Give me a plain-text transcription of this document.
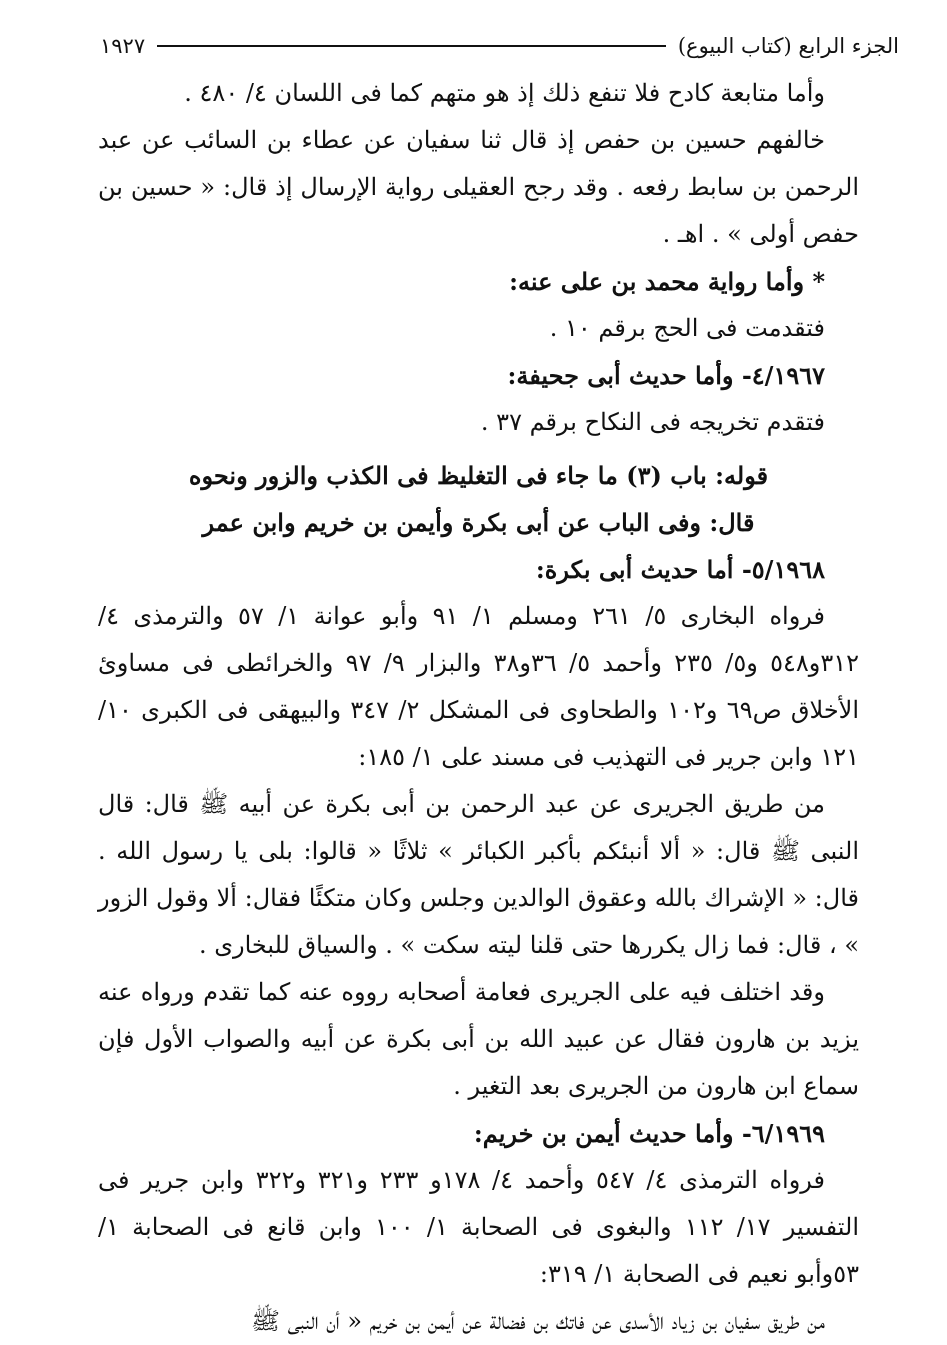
الجزء الرابع (كتاب البيوع)
١٩٢٧

وأما متابعة كادح فلا تنفع ذلك إذ هو متهم كما فى اللسان ٤/ ٤٨٠ .

خالفهم حسين بن حفص إذ قال ثنا سفيان عن عطاء بن السائب عن عبد الرحمن بن سابط رفعه . وقد رجح العقيلى رواية الإرسال إذ قال: « حسين بن حفص أولى » . اهـ .

* وأما رواية محمد بن على عنه:

فتقدمت فى الحج برقم ١٠ .

٤/١٩٦٧- وأما حديث أبى جحيفة:

فتقدم تخريجه فى النكاح برقم ٣٧ .

قوله: باب (٣) ما جاء فى التغليظ فى الكذب والزور ونحوه

قال: وفى الباب عن أبى بكرة وأيمن بن خريم وابن عمر

٥/١٩٦٨- أما حديث أبى بكرة:

فرواه البخارى ٥/ ٢٦١ ومسلم ١/ ٩١ وأبو عوانة ١/ ٥٧ والترمذى ٤/ ٣١٢و٥٤٨ و٥/ ٢٣٥ وأحمد ٥/ ٣٦و٣٨ والبزار ٩/ ٩٧ والخرائطى فى مساوئ الأخلاق ص٦٩ و١٠٢ والطحاوى فى المشكل ٢/ ٣٤٧ والبيهقى فى الكبرى ١٠/ ١٢١ وابن جرير فى التهذيب فى مسند على ١/ ١٨٥:

من طريق الجريرى عن عبد الرحمن بن أبى بكرة عن أبيه ﷺ قال: قال النبى ﷺ قال: « ألا أنبئكم بأكبر الكبائر » ثلاثًا « قالوا: بلى يا رسول الله . قال: « الإشراك بالله وعقوق الوالدين وجلس وكان متكئًا فقال: ألا وقول الزور » ، قال: فما زال يكررها حتى قلنا ليته سكت » . والسياق للبخارى .

وقد اختلف فيه على الجريرى فعامة أصحابه رووه عنه كما تقدم ورواه عنه يزيد بن هارون فقال عن عبيد الله بن أبى بكرة عن أبيه والصواب الأول فإن سماع ابن هارون من الجريرى بعد التغير .

٦/١٩٦٩- وأما حديث أيمن بن خريم:

فرواه الترمذى ٤/ ٥٤٧ وأحمد ٤/ ١٧٨و ٢٣٣ و٣٢١ و٣٢٢ وابن جرير فى التفسير ١٧/ ١١٢ والبغوى فى الصحابة ١/ ١٠٠ وابن قانع فى الصحابة ١/ ٥٣وأبو نعيم فى الصحابة ١/ ٣١٩:

من طريق سفيان بن زياد الأسدى عن فاتك بن فضالة عن أيمن بن خريم « أن النبى ﷺ
